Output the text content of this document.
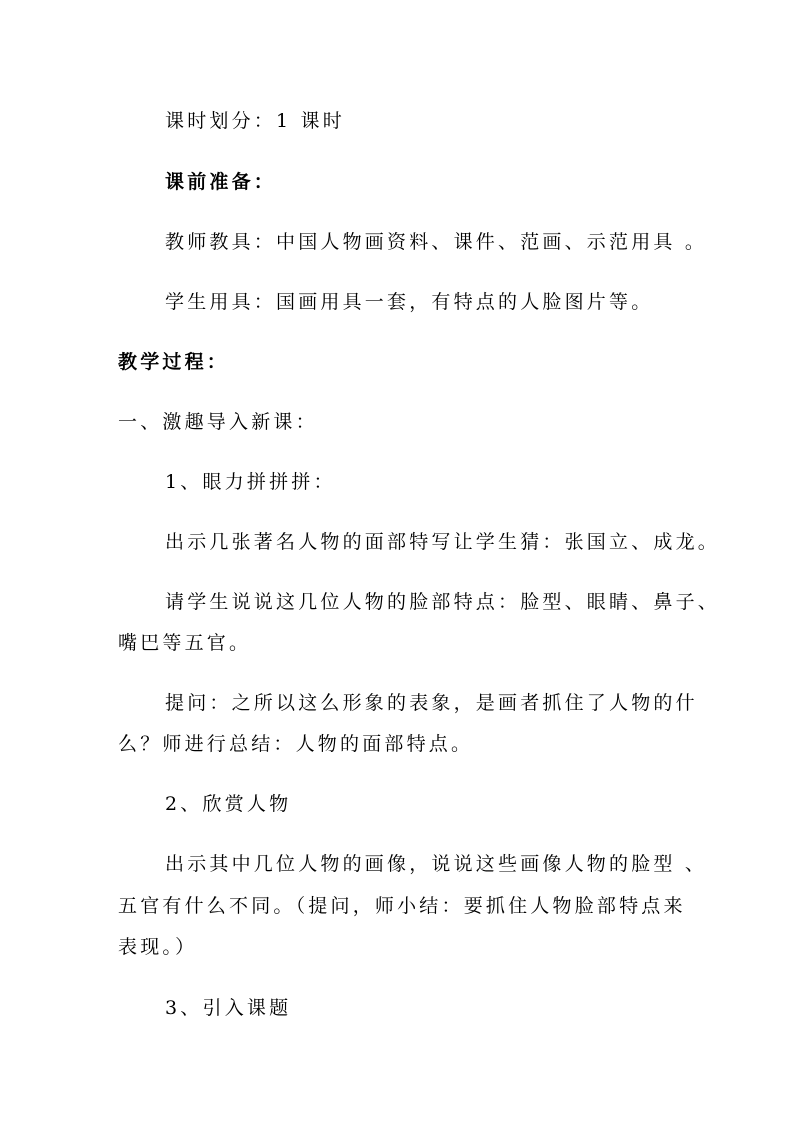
课时划分：1 课时
课前准备：
教师教具：中国人物画资料、课件、范画、示范用具 。
学生用具：国画用具一套，有特点的人脸图片等。
教学过程：
一、激趣导入新课：
1、眼力拼拼拼：
出示几张著名人物的面部特写让学生猜：张国立、成龙。
请学生说说这几位人物的脸部特点：脸型、眼睛、鼻子、
嘴巴等五官。
提问：之所以这么形象的表象，是画者抓住了人物的什
么？师进行总结：人物的面部特点。
2、欣赏人物
出示其中几位人物的画像，说说这些画像人物的脸型 、
五官有什么不同。（提问，师小结：要抓住人物脸部特点来
表现。）
3、引入课题
